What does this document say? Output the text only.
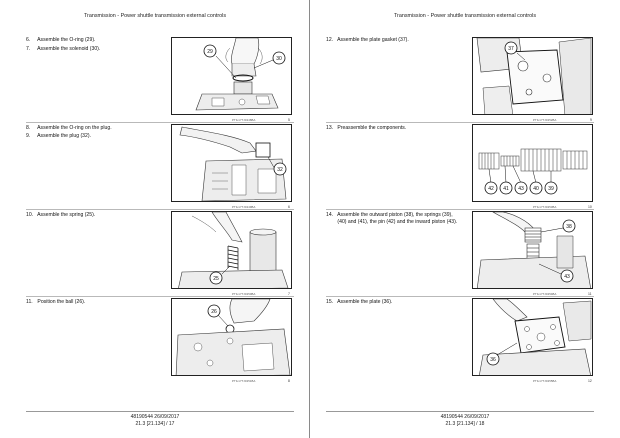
Transmission - Power shuttle transmission external controls
6. Assemble the O-ring (29).
7. Assemble the solenoid (30).	29
30
PTIL17TJ0248BA	5
8. Assemble the O-ring on the plug.
9. Assemble the plug (32).
32
PTIL17TJ0249BA	6
10. Assemble the spring (25).
25
PTIL17TJ0250BA	7
11. Position the ball (26).
26
PTIL17TJ0251BA	8
48190544 26/09/2017
21.3 [21.134] / 17
Transmission - Power shuttle transmission external controls
12. Assemble the plate gasket (37).
37
PTIL17TJ0252BA	9
13. Preassemble the components.
42 41 43 40 39
PTIL17TJ0253BA	10
14. Assemble the outward piston (38), the springs (39),
(40) and (41), the pin (42) and the inward piston (43).
38
43
PTIL17TJ0254BA	11
15. Assemble the plate (36).
36
PTIL17TJ0255BA	12
48190544 26/09/2017
21.3 [21.134] / 18
